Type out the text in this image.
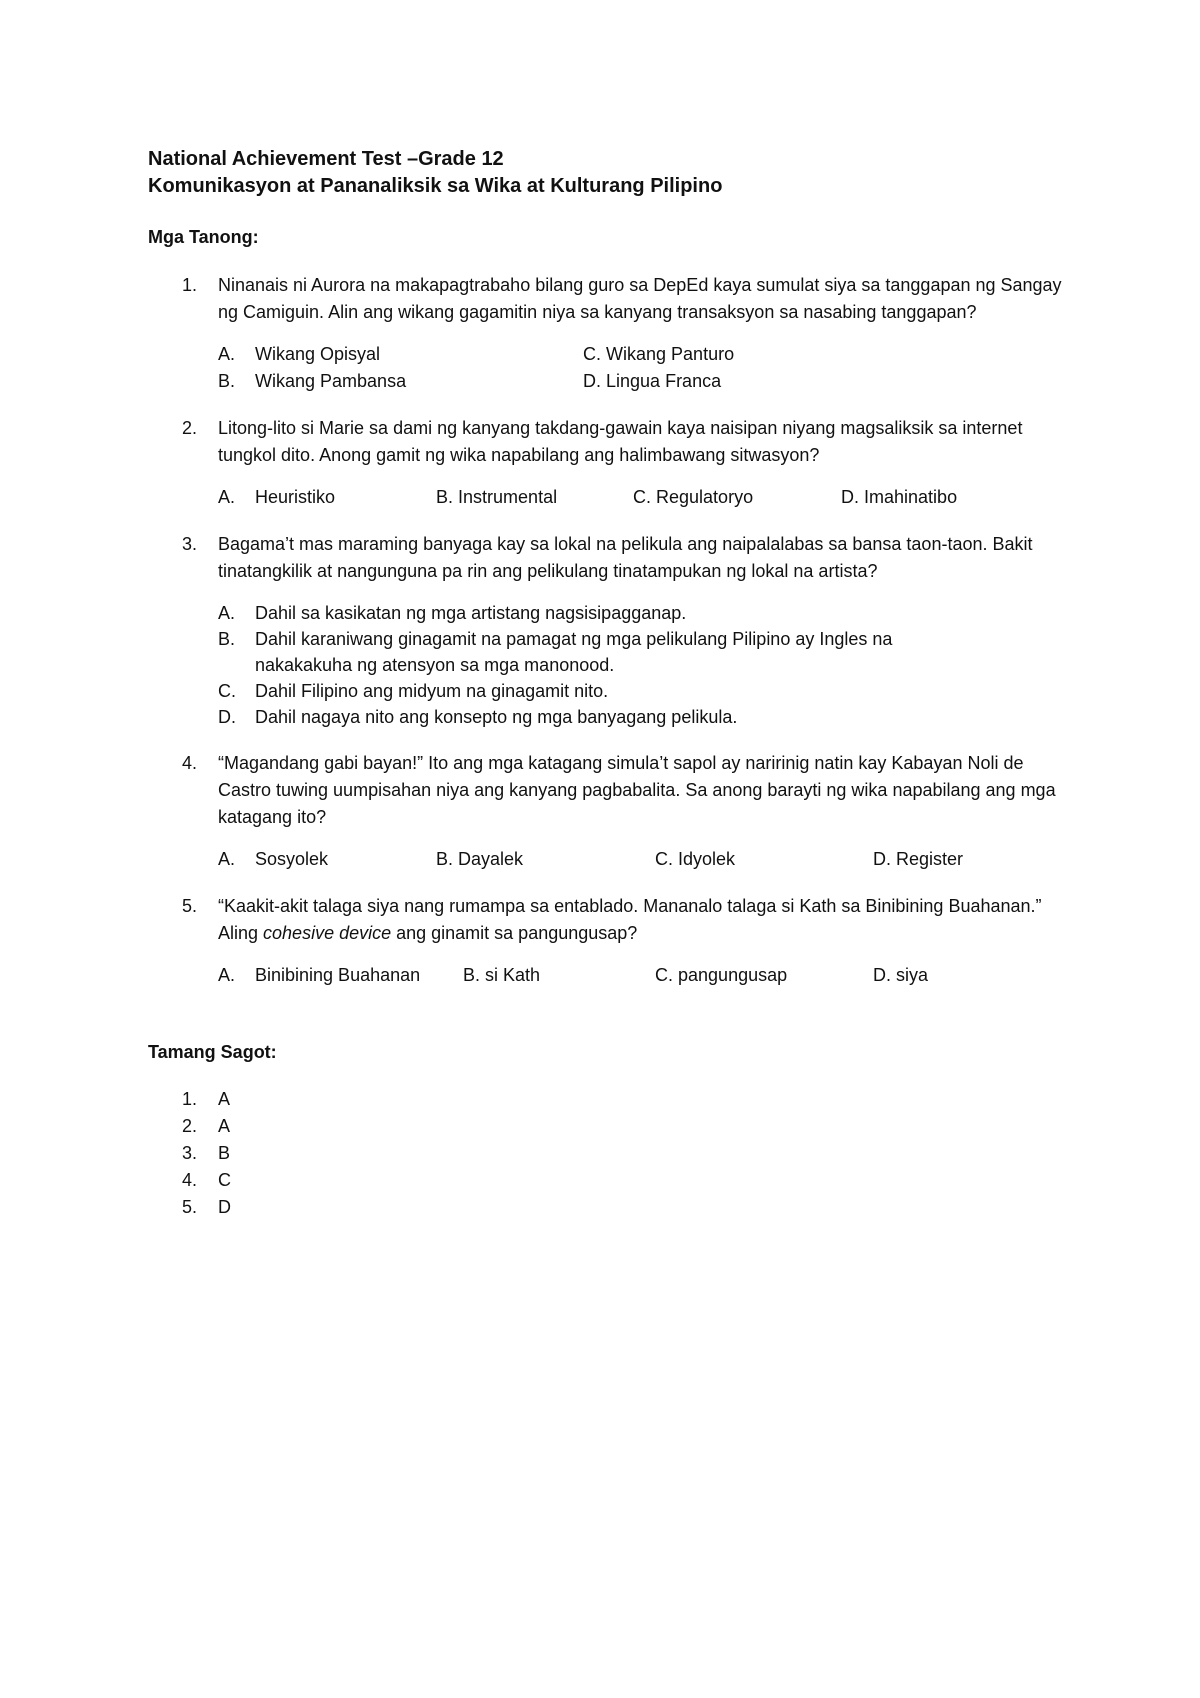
National Achievement Test –Grade 12

Komunikasyon at Pananaliksik sa Wika at Kulturang Pilipino

Mga Tanong:
1. Ninanais ni Aurora na makapagtrabaho bilang guro sa DepEd kaya sumulat siya sa tanggapan ng Sangay ng Camiguin. Alin ang wikang gagamitin niya sa kanyang transaksyon sa nasabing tanggapan?

A.	Wikang Opisyal	C.
Wikang Panturo
B.	Wikang Pambansa	D.
Lingua Franca
2. Litong-lito si Marie sa dami ng kanyang takdang-gawain kaya naisipan niyang magsaliksik sa internet tungkol dito. Anong gamit ng wika napabilang ang halimbawang sitwasyon?

A.	Heuristiko	B.
Instrumental	C.
Regulatoryo	D.
Imahinatibo
3. Bagama’t mas maraming banyaga kay sa lokal na pelikula ang naipalalabas sa bansa taon-taon. Bakit tinatangkilik at nangunguna pa rin ang pelikulang tinatampukan ng lokal na artista?

A.	Dahil sa kasikatan ng mga artistang nagsisipagganap.
B.	Dahil karaniwang ginagamit na pamagat ng mga pelikulang Pilipino ay Ingles na nakakakuha ng atensyon sa mga manonood.
C.	Dahil Filipino ang midyum na ginagamit nito.
D.	Dahil nagaya nito ang konsepto ng mga banyagang pelikula.
4. “Magandang gabi bayan!” Ito ang mga katagang simula’t sapol ay naririnig natin kay Kabayan Noli de Castro tuwing uumpisahan niya ang kanyang pagbabalita. Sa anong barayti ng wika napabilang ang mga katagang ito?

A.	Sosyolek	B.
Dayalek	C.
Idyolek	D.
Register
5. “Kaakit-akit talaga siya nang rumampa sa entablado. Mananalo talaga si Kath sa Binibining Buahanan.” Aling cohesive device ang ginamit sa pangungusap?

A.	Binibining Buahanan B.
si Kath	C.
pangungusap	D.
siya
Tamang Sagot:
1.	A
2.	A
3.	B
4.	C
5.	D
